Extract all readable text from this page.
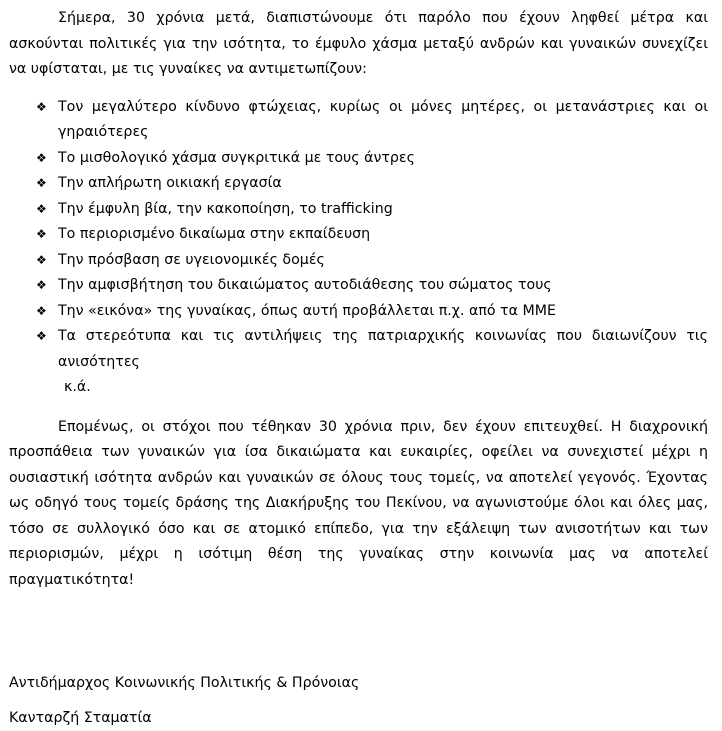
Σήμερα, 30 χρόνια μετά, διαπιστώνουμε ότι παρόλο που έχουν ληφθεί μέτρα και ασκούνται πολιτικές για την ισότητα, το έμφυλο χάσμα μεταξύ ανδρών και γυναικών συνεχίζει να υφίσταται, με τις γυναίκες να αντιμετωπίζουν:

❖ Τον μεγαλύτερο κίνδυνο φτώχειας, κυρίως οι μόνες μητέρες, οι μετανάστριες και οι γηραιότερες
❖ Το μισθολογικό χάσμα συγκριτικά με τους άντρες
❖ Την απλήρωτη οικιακή εργασία
❖ Την έμφυλη βία, την κακοποίηση, το trafficking
❖ Το περιορισμένο δικαίωμα στην εκπαίδευση
❖ Την πρόσβαση σε υγειονομικές δομές
❖ Την αμφισβήτηση του δικαιώματος αυτοδιάθεσης του σώματος τους
❖ Την «εικόνα» της γυναίκας, όπως αυτή προβάλλεται π.χ. από τα ΜΜΕ
❖ Τα στερεότυπα και τις αντιλήψεις της πατριαρχικής κοινωνίας που διαιωνίζουν τις ανισότητες

κ.ά.

Επομένως, οι στόχοι που τέθηκαν 30 χρόνια πριν, δεν έχουν επιτευχθεί. Η διαχρονική προσπάθεια των γυναικών για ίσα δικαιώματα και ευκαιρίες, οφείλει να συνεχιστεί μέχρι η ουσιαστική ισότητα ανδρών και γυναικών σε όλους τους τομείς, να αποτελεί γεγονός. Έχοντας ως οδηγό τους τομείς δράσης της Διακήρυξης του Πεκίνου, να αγωνιστούμε όλοι και όλες μας, τόσο σε συλλογικό όσο και σε ατομικό επίπεδο, για την εξάλειψη των ανισοτήτων και των περιορισμών, μέχρι η ισότιμη θέση της γυναίκας στην κοινωνία μας να αποτελεί πραγματικότητα!

Αντιδήμαρχος Κοινωνικής Πολιτικής & Πρόνοιας

Κανταρζή Σταματία
